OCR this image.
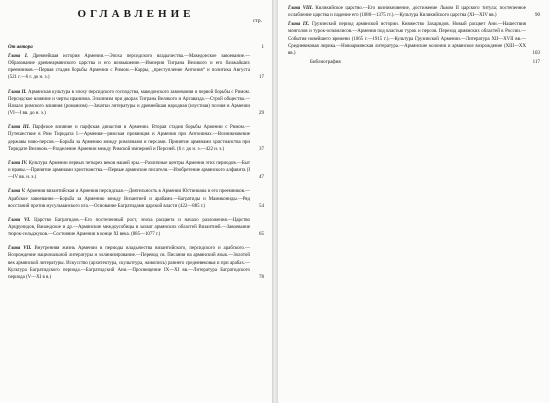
ОГЛАВЛЕНИЕ
стр.
От автора	1
Глава I. Древнейшая история Армении.—Эпоха персидского владычества.—Македонское завоевание.—Образование древнеармянского царства и его возвышение.—Империя Тиграна Великого и его ближайших преемников.—Первая стадия борьбы Армении с Римом.—Карры, „преступление Антония“ и политика Августа (521 г.—6 г. до н. э.)	17
Глава II. Армянская культура в эпоху персидского господства, македонского завоевания и первой борьбы с Римом. Персидское влияние и черты иранизма. Эллинизм при дворах Тиграна Великого и Артавазда.—Строй общества.—Начало римского влияния (романизм).—Зачатки литературы и древнейшая народная (изустная) поэзия в Армении (VI—I вв. до н. э.)	29
Глава III. Парфское влияние и парфская династия в Армении. Вторая стадия борьбы Армении с Римом.—Путешествие в Рим Тиридата I.—Армения—римская провинция и Армения при Антонинах.—Возникновение державы ново-персов.—Борьба за Армению между римлянами и персами. Принятие армянами христианства при Тиридате Великом.—Разделение Армении между Римской империей и Персией. (6 г. до н. э.—422 н. э.)	37
Глава IV. Культура Армении первых четырех веков нашей эры.—Различные центры Армении этих периодов.—Быт и нравы.—Принятие армянами христианства.—Первые армянские писатели.—Изобретение армянского алфавита (I—IV вв. н. э.)	47
Глава V. Армения византийская и Армения персидская.—Деятельность в Армении Юстиниана и его преемников.—Арабское завоевание.—Борьба за Армению между Византией и арабами.—Багратиды и Мамикониды.—Ряд восстаний против мусульманского ига.—Основание Багратидами царской власти (422—885 г.)	54
Глава VI. Царство Багратидов.—Его постепенный рост, эпоха расцвета и начало разложения.—Царство Арцрунидов, Ванандское и др.—Армянские междоусобицы в захват армянских областей Византией.—Завоевание тюрок-сельджуков.—Состояние Армении в конце XI века. (885—1077 г.)	65
Глава VII. Внутренняя жизнь Армении в периоды владычества византийского, персидского и арабского.—Возрождение национальной литературы и эллинизирование.—Перевод св. Писания на армянский язык.—Золотой век армянской литературы. Искусство (архитектура, скульптура, живопись) раннего средневековья и при арабах.—Культура Багратидского периода.—Багратидский Ани.—Просвещение IX—XI вв.—Литература Багратидского периода (V—XI в в.)	78
Глава VIII. Киликийское царство.—Его возникновение, достижение Львом II царского титула; постепенное ослабление царства и падение его (1080—1375 гг.).—Культура Киликийского царства (XI—XIV вв.)	90
Глава IX. Грузинский период армянской истории. Княжество Захаридов. Новый расцвет Ани.—Нашествия монголов и турок-османлисов.—Армения под властью турок и персов. Переход армянских областей к России.—События новейшего времени (1065 г.—1915 г.).—Культура Грузинской Армении.—Литература XII—XVII вв.—Средневековая лирика.—Новоармянская литература.—Армянские колонии и армянское возрождение (XIII—XX вв.)	103
Библиография	117
